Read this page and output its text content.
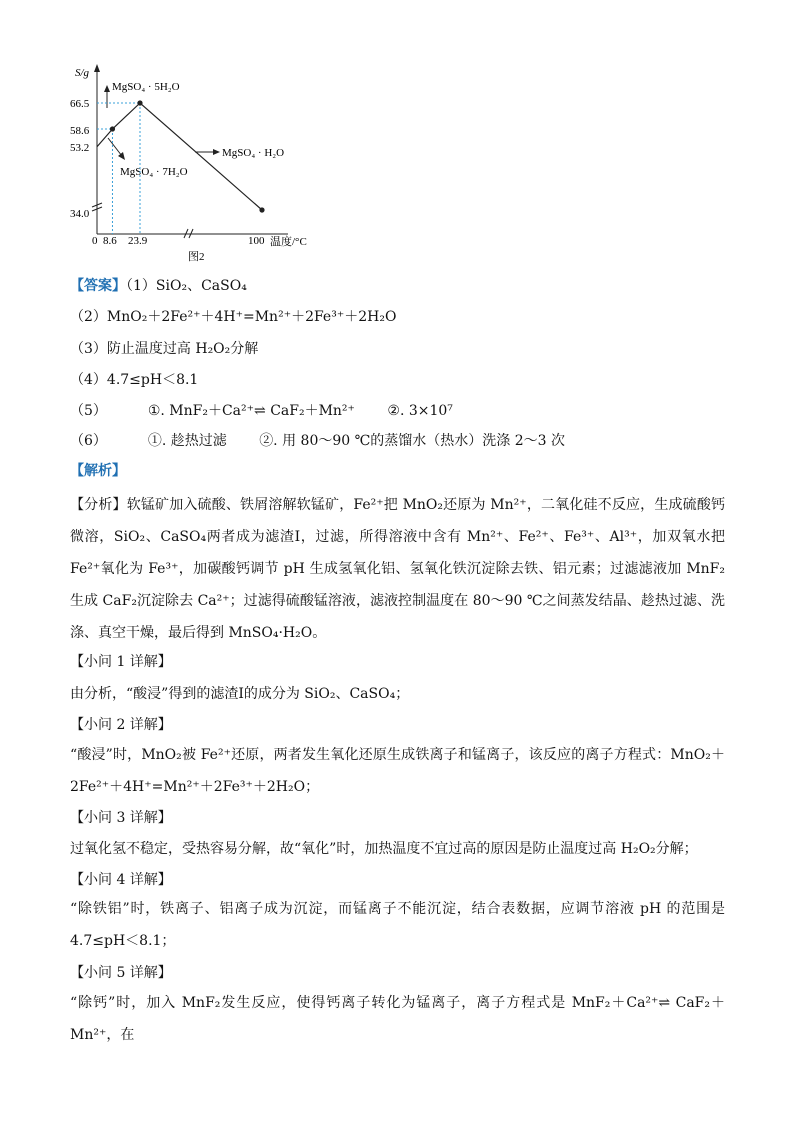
S/g
66.5
58.6
53.2
34.0
0 8.6 23.9	100 温度/°C
图2
MgSO₄ · 5H₂O
MgSO₄ · 7H₂O
MgSO₄ · H₂O
【答案】（1）SiO₂、CaSO₄
（2）MnO₂＋2Fe²⁺＋4H⁺=Mn²⁺＋2Fe³⁺＋2H₂O
（3）防止温度过高 H₂O₂分解
（4）4.7≤pH＜8.1
（5）	①. MnF₂＋Ca²⁺⇌ CaF₂＋Mn²⁺ ②. 3×10⁷
（6）	①. 趁热过滤 ②. 用 80～90 ℃的蒸馏水（热水）洗涤 2～3 次
【解析】
【分析】软锰矿加入硫酸、铁屑溶解软锰矿，Fe²⁺把 MnO₂还原为 Mn²⁺，二氧化硅不反应，生成硫酸钙微溶，SiO₂、CaSO₄两者成为滤渣Ⅰ，过滤，所得溶液中含有 Mn²⁺、Fe²⁺、Fe³⁺、Al³⁺，加双氧水把 Fe²⁺氧化为 Fe³⁺，加碳酸钙调节 pH 生成氢氧化铝、氢氧化铁沉淀除去铁、铝元素；过滤滤液加 MnF₂生成 CaF₂沉淀除去 Ca²⁺；过滤得硫酸锰溶液，滤液控制温度在 80～90 ℃之间蒸发结晶、趁热过滤、洗涤、真空干燥，最后得到 MnSO₄·H₂O。
【小问 1 详解】
由分析，“酸浸”得到的滤渣Ⅰ的成分为 SiO₂、CaSO₄；
【小问 2 详解】
“酸浸”时，MnO₂被 Fe²⁺还原，两者发生氧化还原生成铁离子和锰离子，该反应的离子方程式：MnO₂＋2Fe²⁺＋4H⁺=Mn²⁺＋2Fe³⁺＋2H₂O；
【小问 3 详解】
过氧化氢不稳定，受热容易分解，故“氧化”时，加热温度不宜过高的原因是防止温度过高 H₂O₂分解；
【小问 4 详解】
“除铁铝”时，铁离子、铝离子成为沉淀，而锰离子不能沉淀，结合表数据，应调节溶液 pH 的范围是 4.7≤pH＜8.1；
【小问 5 详解】
“除钙”时，加入 MnF₂发生反应，使得钙离子转化为锰离子，离子方程式是 MnF₂＋Ca²⁺⇌ CaF₂＋Mn²⁺，在
